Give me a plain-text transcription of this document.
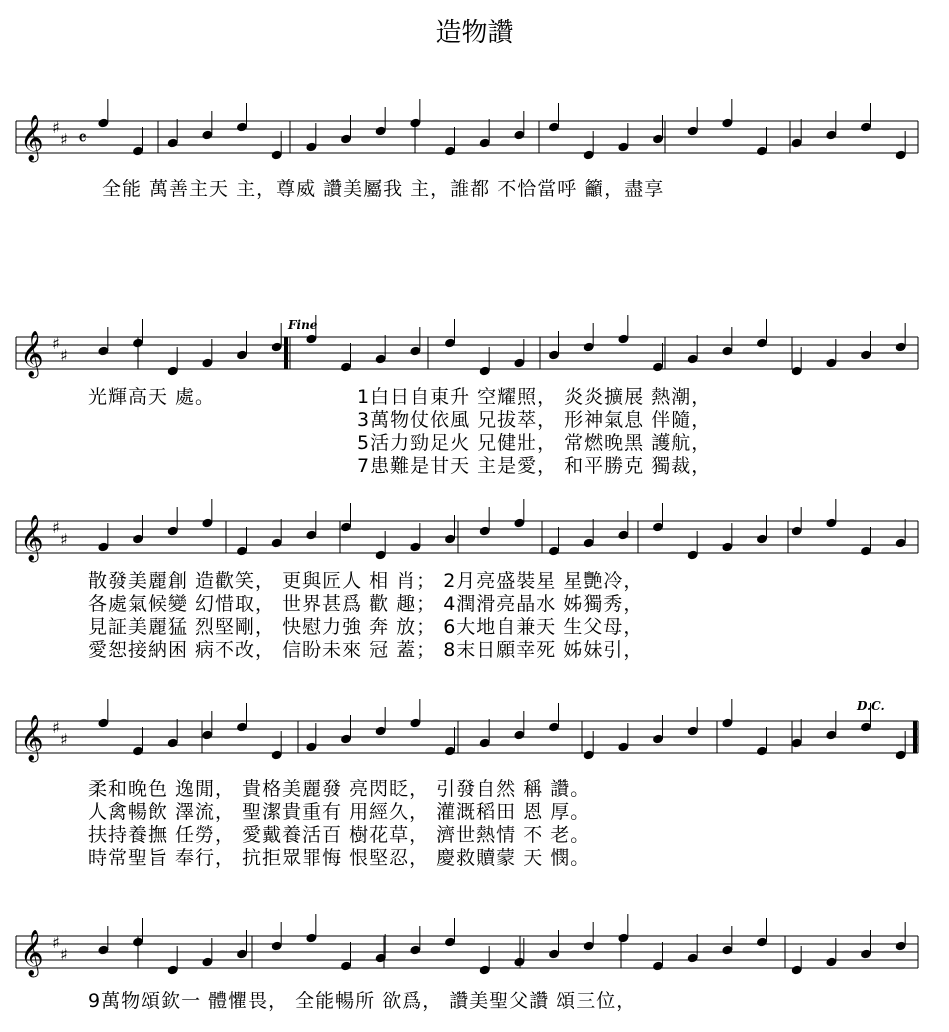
造物讚
𝄞 ♯
♯
𝄞 ♯
♯
𝄞 ♯
♯
𝄞 ♯
♯
𝄞 ♯
♯
𝄴
Fine
D.C.
全能 萬善主天 主，尊威 讚美屬我 主，誰都 不恰當呼 籲，盡享
光輝高天 處。	1白日自東升 空耀照， 炎炎擴展 熱潮，
3萬物仗依風 兄拔萃， 形神氣息 伴隨，
5活力勁足火 兄健壯， 常燃晚黑 護航，
7患難是甘天 主是愛， 和平勝克 獨裁，
散發美麗創 造歡笑， 更與匠人 相 肖； 2月亮盛裝星 星艷冷，
各處氣候變 幻惜取， 世界甚爲 歡 趣； 4潤滑亮晶水 姊獨秀，
見証美麗猛 烈堅剛， 快慰力強 奔 放； 6大地自兼天 生父母，
愛恕接納困 病不改， 信盼未來 冠 蓋； 8末日願幸死 姊妹引，
柔和晚色 逸閒， 貴格美麗發 亮閃眨， 引發自然 稱 讚。
人禽暢飲 澤流， 聖潔貴重有 用經久， 灌溉稻田 恩 厚。
扶持養撫 任勞， 愛戴養活百 樹花草， 濟世熱情 不 老。
時常聖旨 奉行， 抗拒眾罪悔 恨堅忍， 慶救贖蒙 天 憫。
9萬物頌欽一 體懼畏， 全能暢所 欲爲， 讚美聖父讚 頌三位，
